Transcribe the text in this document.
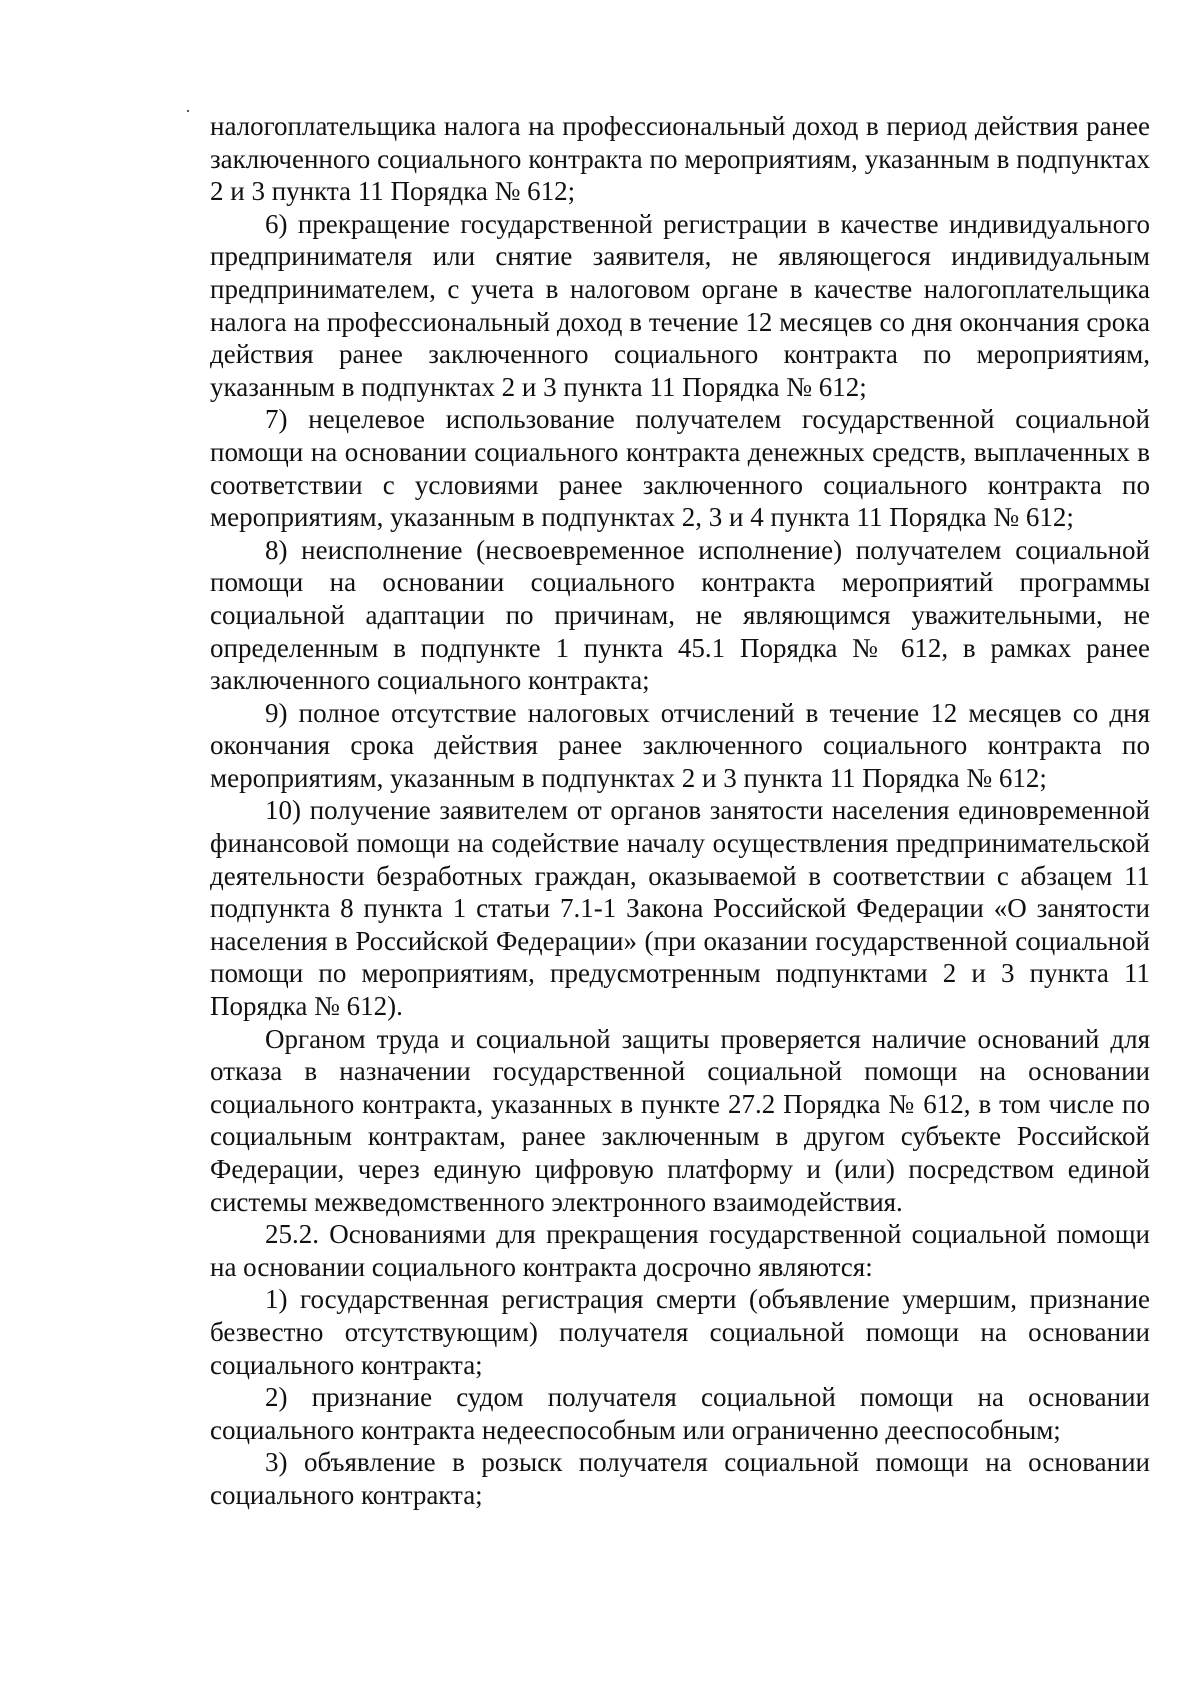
налогоплательщика налога на профессиональный доход в период действия ранее заключенного социального контракта по мероприятиям, указанным в подпунктах 2 и 3 пункта 11 Порядка № 612;

6) прекращение государственной регистрации в качестве индивидуального предпринимателя или снятие заявителя, не являющегося индивидуальным предпринимателем, с учета в налоговом органе в качестве налогоплательщика налога на профессиональный доход в течение 12 месяцев со дня окончания срока действия ранее заключенного социального контракта по мероприятиям, указанным в подпунктах 2 и 3 пункта 11 Порядка № 612;

7) нецелевое использование получателем государственной социальной помощи на основании социального контракта денежных средств, выплаченных в соответствии с условиями ранее заключенного социального контракта по мероприятиям, указанным в подпунктах 2, 3 и 4 пункта 11 Порядка № 612;

8) неисполнение (несвоевременное исполнение) получателем социальной помощи на основании социального контракта мероприятий программы социальной адаптации по причинам, не являющимся уважительными, не определенным в подпункте 1 пункта 45.1 Порядка № 612, в рамках ранее заключенного социального контракта;

9) полное отсутствие налоговых отчислений в течение 12 месяцев со дня окончания срока действия ранее заключенного социального контракта по мероприятиям, указанным в подпунктах 2 и 3 пункта 11 Порядка № 612;

10) получение заявителем от органов занятости населения единовременной финансовой помощи на содействие началу осуществления предпринимательской деятельности безработных граждан, оказываемой в соответствии с абзацем 11 подпункта 8 пункта 1 статьи 7.1-1 Закона Российской Федерации «О занятости населения в Российской Федерации» (при оказании государственной социальной помощи по мероприятиям, предусмотренным подпунктами 2 и 3 пункта 11 Порядка № 612).

Органом труда и социальной защиты проверяется наличие оснований для отказа в назначении государственной социальной помощи на основании социального контракта, указанных в пункте 27.2 Порядка № 612, в том числе по социальным контрактам, ранее заключенным в другом субъекте Российской Федерации, через единую цифровую платформу и (или) посредством единой системы межведомственного электронного взаимодействия.

25.2. Основаниями для прекращения государственной социальной помощи на основании социального контракта досрочно являются:

1) государственная регистрация смерти (объявление умершим, признание безвестно отсутствующим) получателя социальной помощи на основании социального контракта;

2) признание судом получателя социальной помощи на основании социального контракта недееспособным или ограниченно дееспособным;

3) объявление в розыск получателя социальной помощи на основании социального контракта;
